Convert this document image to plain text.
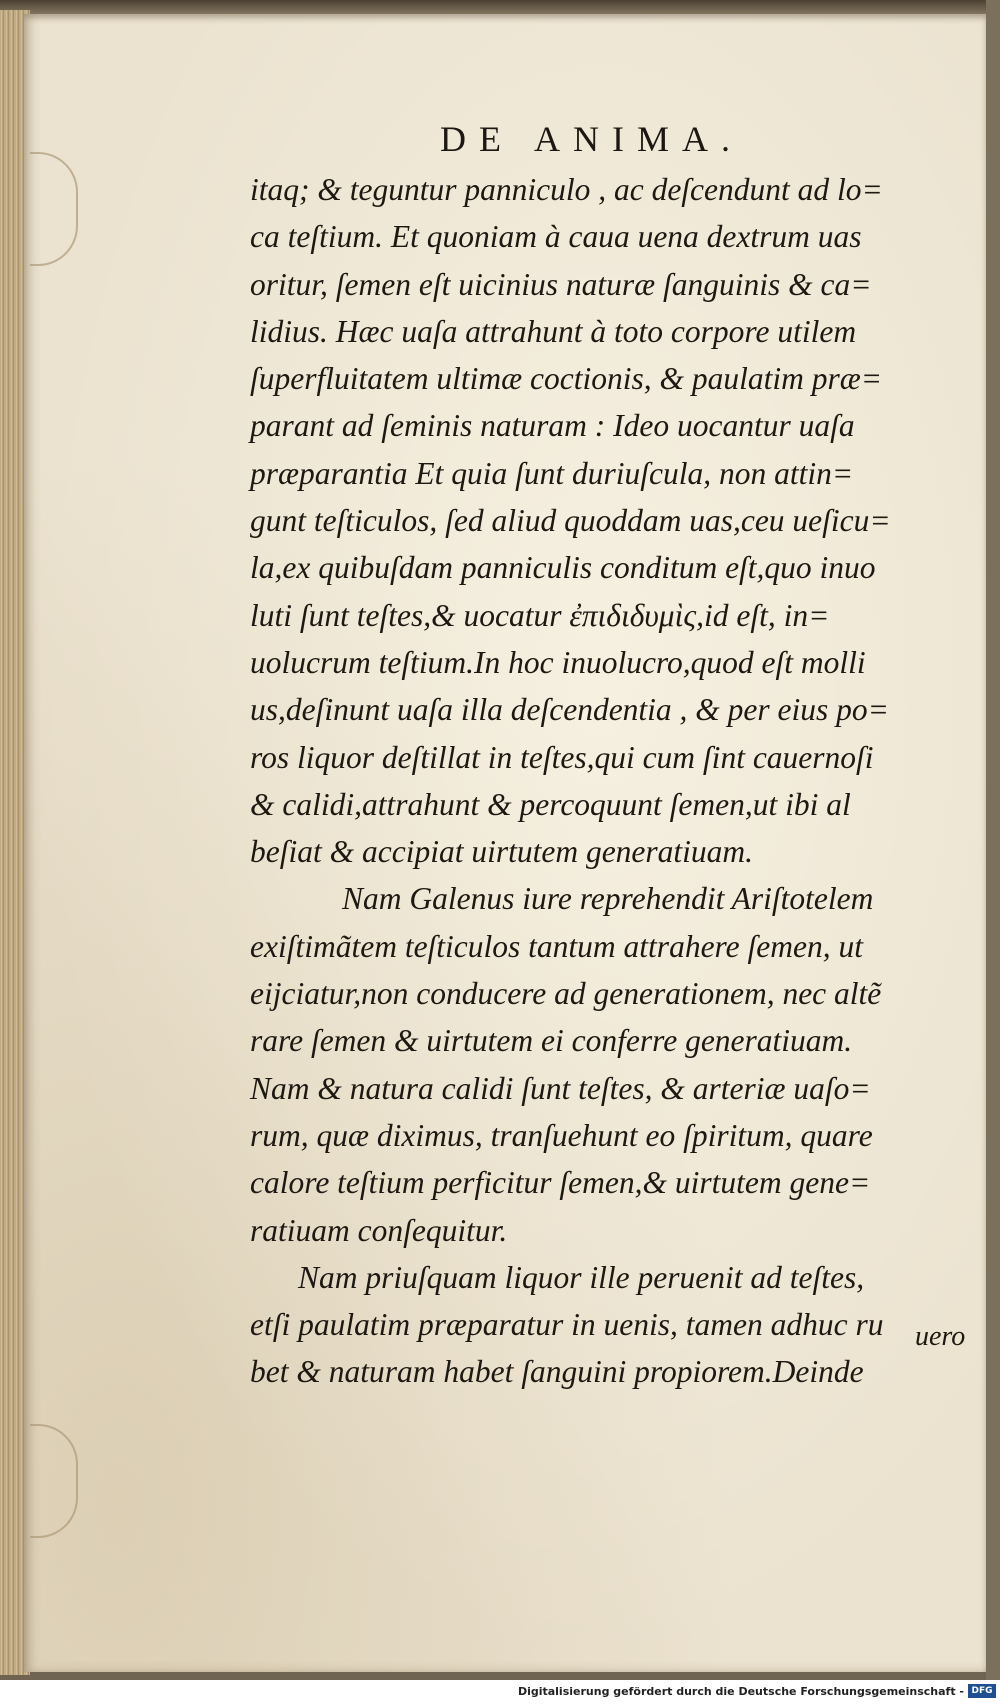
DE ANIMA.
itaq; & teguntur panniculo , ac deſcendunt ad lo=
ca teſtium. Et quoniam à caua uena dextrum uas
oritur, ſemen eſt uicinius naturæ ſanguinis & ca=
lidius. Hæc uaſa attrahunt à toto corpore utilem
ſuperfluitatem ultimæ coctionis, & paulatim præ=
parant ad ſeminis naturam : Ideo uocantur uaſa
præparantia Et quia ſunt duriuſcula, non attin=
gunt teſticulos, ſed aliud quoddam uas,ceu ueſicu=
la,ex quibuſdam panniculis conditum eſt,quo inuo
luti ſunt teſtes,& uocatur ἐπιδιδυμὶς,id eſt, in=
uolucrum teſtium.In hoc inuolucro,quod eſt molli
us,deſinunt uaſa illa deſcendentia , & per eius po=
ros liquor deſtillat in teſtes,qui cum ſint cauernoſi
& calidi,attrahunt & percoquunt ſemen,ut ibi al
beſiat & accipiat uirtutem generatiuam.
Nam Galenus iure reprehendit Ariſtotelem
exiſtimãtem teſticulos tantum attrahere ſemen, ut
eijciatur,non conducere ad generationem, nec altẽ
rare ſemen & uirtutem ei conferre generatiuam.
Nam & natura calidi ſunt teſtes, & arteriæ uaſo=
rum, quæ diximus, tranſuehunt eo ſpiritum, quare
calore teſtium perficitur ſemen,& uirtutem gene=
ratiuam conſequitur.
Nam priuſquam liquor ille peruenit ad teſtes,
etſi paulatim præparatur in uenis, tamen adhuc ru
bet & naturam habet ſanguini propiorem.Deinde
uero
Digitalisierung gefördert durch die Deutsche Forschungsgemeinschaft - DFG
